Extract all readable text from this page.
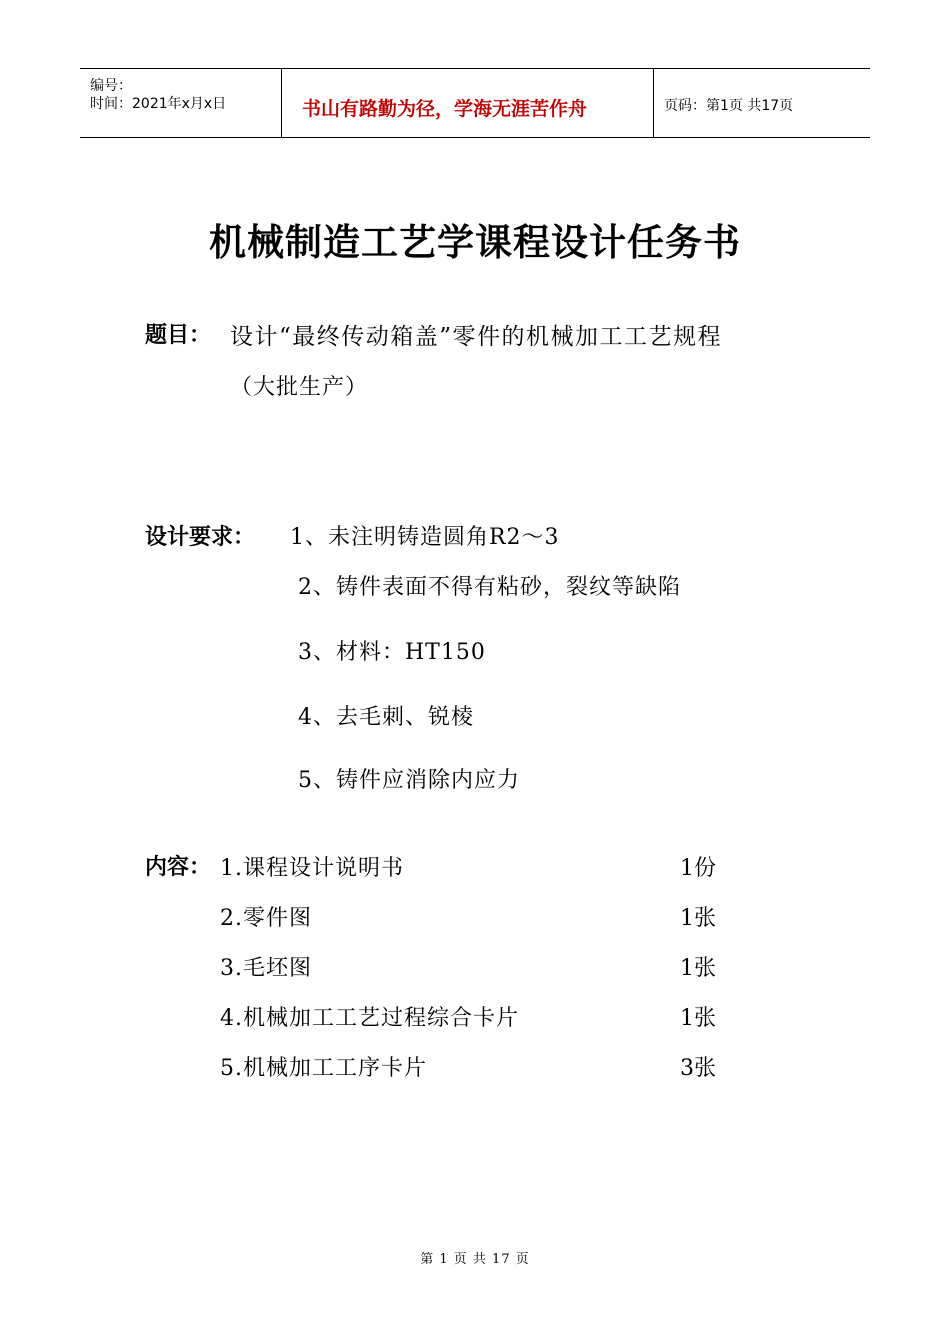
编号：
时间：2021年x月x日	书山有路勤为径，学海无涯苦作舟	页码：第1页 共17页
机械制造工艺学课程设计任务书
题目： 设计“最终传动箱盖”零件的机械加工工艺规程
（大批生产）
设计要求： 1、未注明铸造圆角R2～3
2、铸件表面不得有粘砂，裂纹等缺陷
3、材料：HT150
4、去毛刺、锐棱
5、铸件应消除内应力
内容： 1.课程设计说明书	1份
2.零件图	1张
3.毛坯图	1张
4.机械加工工艺过程综合卡片	1张
5.机械加工工序卡片	3张
第 1 页 共 17 页
